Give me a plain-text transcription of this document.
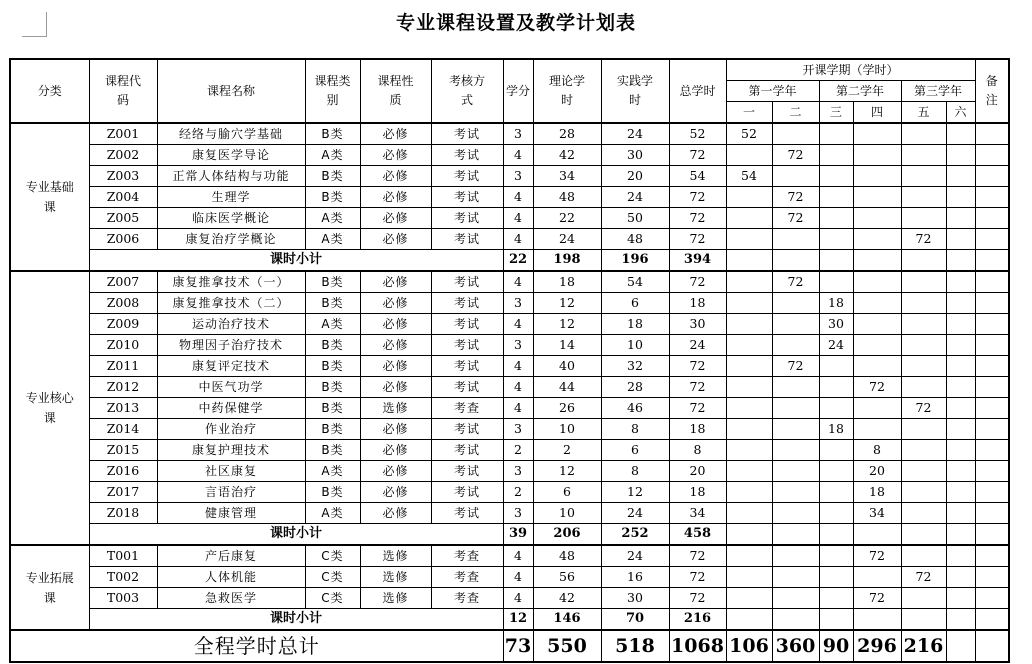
专业课程设置及教学计划表
分类	课程代码	课程名称	课程类别	课程性质	考核方式	学分	理论学时	实践学时	总学时	开课学期（学时）						备注
										第一学年		第二学年		第三学年		
										一	二	三	四	五	六	
专业基础课	Z001	经络与腧穴学基础	B类	必修	考试	3	28	24	52	52						
	Z002	康复医学导论	A类	必修	考试	4	42	30	72		72					
	Z003	正常人体结构与功能	B类	必修	考试	3	34	20	54	54						
	Z004	生理学	B类	必修	考试	4	48	24	72		72					
	Z005	临床医学概论	A类	必修	考试	4	22	50	72		72					
	Z006	康复治疗学概论	A类	必修	考试	4	24	48	72					72		
	课时小计					22	198	196	394							
专业核心课	Z007	康复推拿技术（一）	B类	必修	考试	4	18	54	72		72					
	Z008	康复推拿技术（二）	B类	必修	考试	3	12	6	18			18				
	Z009	运动治疗技术	A类	必修	考试	4	12	18	30			30				
	Z010	物理因子治疗技术	B类	必修	考试	3	14	10	24			24				
	Z011	康复评定技术	B类	必修	考试	4	40	32	72		72					
	Z012	中医气功学	B类	必修	考试	4	44	28	72				72			
	Z013	中药保健学	B类	选修	考查	4	26	46	72					72		
	Z014	作业治疗	B类	必修	考试	3	10	8	18			18				
	Z015	康复护理技术	B类	必修	考试	2	2	6	8				8			
	Z016	社区康复	A类	必修	考试	3	12	8	20				20			
	Z017	言语治疗	B类	必修	考试	2	6	12	18				18			
	Z018	健康管理	A类	必修	考试	3	10	24	34				34			
	课时小计					39	206	252	458							
专业拓展课	T001	产后康复	C类	选修	考查	4	48	24	72				72			
	T002	人体机能	C类	选修	考查	4	56	16	72					72		
	T003	急救医学	C类	选修	考查	4	42	30	72				72			
	课时小计					12	146	70	216							
全程学时总计						73	550	518	1068	106	360	90	296	216		
